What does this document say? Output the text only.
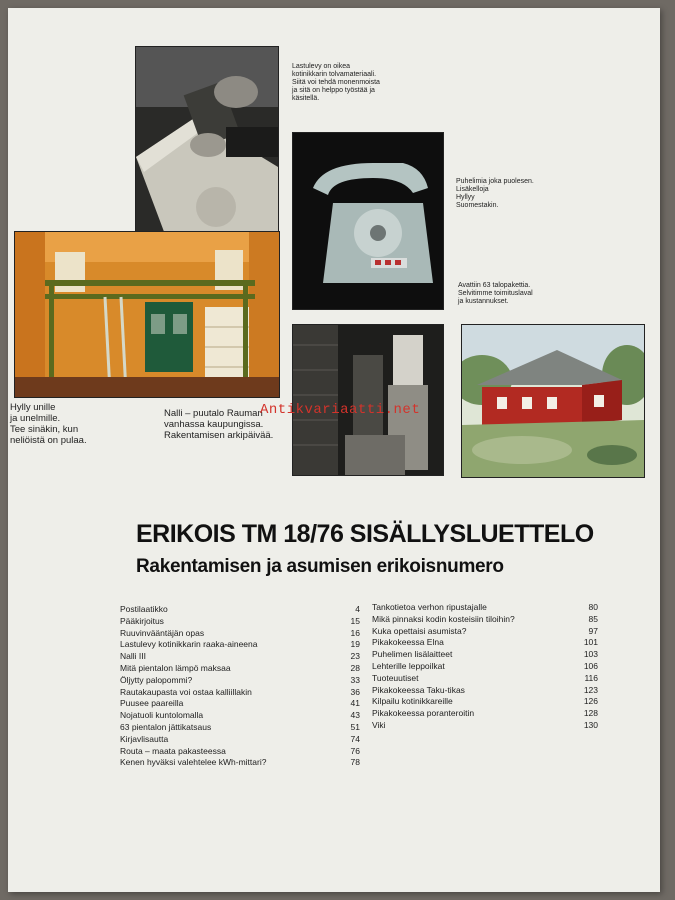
Lastulevy on oikea
kotinikkarin tolvamateriaali.
Siitä voi tehdä monenmoista
ja sitä on helppo työstää ja
käsitellä.
Puhelimia joka puolesen.
Lisäkelloja
Hyllyy
Suomestakin.
Avattiin 63 talopakettia.
Selvitimme toimituslaval
ja kustannukset.
Hylly unille
ja unelmille.
Tee sinäkin, kun
neliöistä on pulaa.
Nalli – puutalo Rauman
vanhassa kaupungissa.
Rakentamisen arkipäivää.
Antikvariaatti.net
ERIKOIS TM 18/76 SISÄLLYSLUETTELO
Rakentamisen ja asumisen erikoisnumero
Postilaatikko	4
Pääkirjoitus	15
Ruuvinvääntäjän opas	16
Lastulevy kotinikkarin raaka-aineena	19
Nalli III	23
Mitä pientalon lämpö maksaa	28
Öljytty palopommi?	33
Rautakaupasta voi ostaa kalliillakin	36
Puusee paareilla	41
Nojatuoli kuntolomalla	43
63 pientalon jättikatsaus	51
Kirjavlisautta	74
Routa – maata pakasteessa	76
Kenen hyväksi valehtelee kWh-mittari?	78
Tankotietoa verhon ripustajalle	80
Mikä pinnaksi kodin kosteisiin tiloihin?	85
Kuka opettaisi asumista?	97
Pikakokeessa Elna	101
Puhelimen lisälaitteet	103
Lehterille leppoilkat	106
Tuoteuutiset	116
Pikakokeessa Taku-tikas	123
Kilpailu kotinikkareille	126
Pikakokeessa poranteroitin	128
Viki	130
